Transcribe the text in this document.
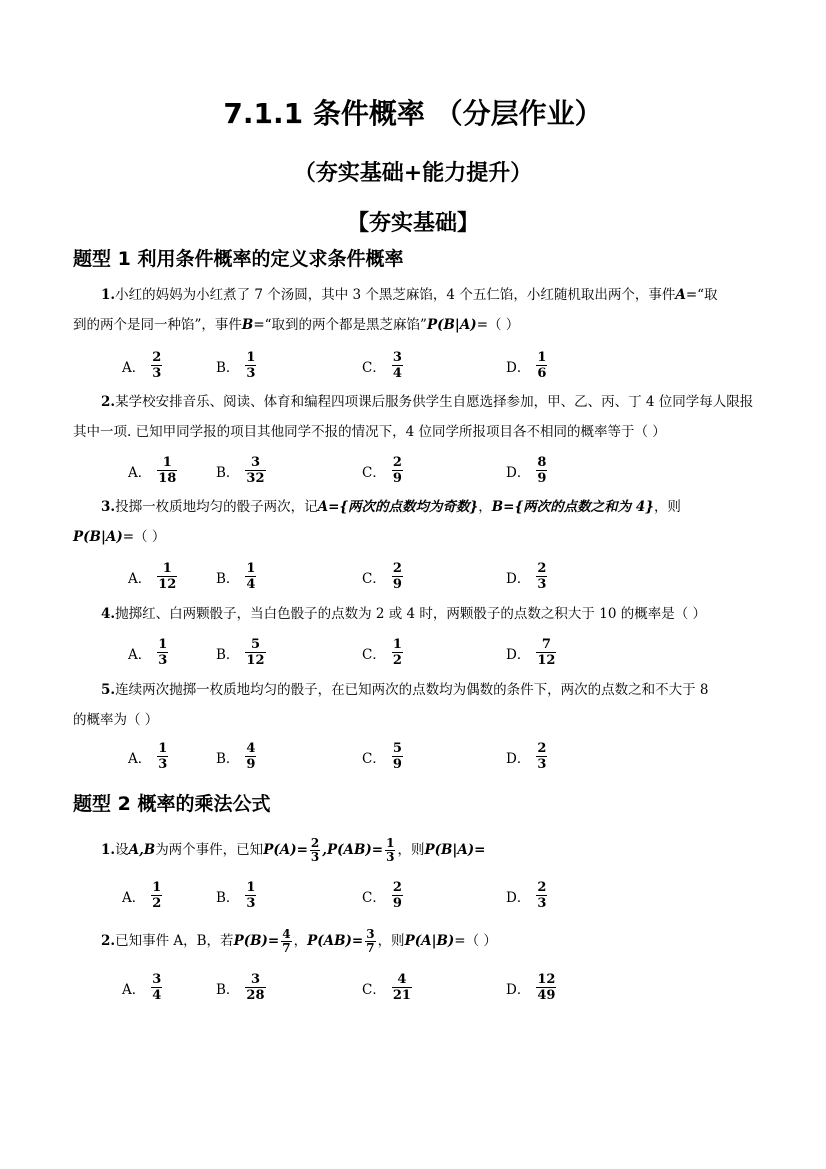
7.1.1 条件概率 （分层作业）
（夯实基础+能力提升）
【夯实基础】
题型 1 利用条件概率的定义求条件概率
1.小红的妈妈为小红煮了 7 个汤圆，其中 3 个黑芝麻馅，4 个五仁馅，小红随机取出两个，事件A=“取
到的两个是同一种馅”，事件B=“取到的两个都是黑芝麻馅”P(B|A)=（ ）
A． $\frac{2}{3}$	B． $\frac{1}{3}$	C． $\frac{3}{4}$	D． $\frac{1}{6}$
2.某学校安排音乐、阅读、体育和编程四项课后服务供学生自愿选择参加，甲、乙、丙、丁 4 位同学每人限报
其中一项. 已知甲同学报的项目其他同学不报的情况下，4 位同学所报项目各不相同的概率等于（ ）
A． $\frac{1}{18}$	B． $\frac{3}{32}$	C． $\frac{2}{9}$	D． $\frac{8}{9}$
3.投掷一枚质地均匀的骰子两次，记A={两次的点数均为奇数}，B={两次的点数之和为 4}，则
P(B|A)=（ ）
A． $\frac{1}{12}$	B． $\frac{1}{4}$	C． $\frac{2}{9}$	D． $\frac{2}{3}$
4.抛掷红、白两颗骰子，当白色骰子的点数为 2 或 4 时，两颗骰子的点数之积大于 10 的概率是（ ）
A． $\frac{1}{3}$	B． $\frac{5}{12}$	C． $\frac{1}{2}$	D． $\frac{7}{12}$
5.连续两次抛掷一枚质地均匀的骰子，在已知两次的点数均为偶数的条件下，两次的点数之和不大于 8
的概率为（ ）
A． $\frac{1}{3}$	B． $\frac{4}{9}$	C． $\frac{5}{9}$	D． $\frac{2}{3}$
题型 2 概率的乘法公式
1.设A,B为两个事件，已知$P(A)= \frac{2}{3} ,P(AB)= \frac{1}{3}$ ，则P(B|A)=
A． $\frac{1}{2}$	B． $\frac{1}{3}$	C． $\frac{2}{9}$	D． $\frac{2}{3}$
2.已知事件 A，B，若$P(B)= \frac{4}{7}$ ，$P(AB)= \frac{3}{7}$ ，则P(A|B)=（ ）
A． $\frac{3}{4}$	B． $\frac{3}{28}$	C． $\frac{4}{21}$	D． $\frac{12}{49}$
